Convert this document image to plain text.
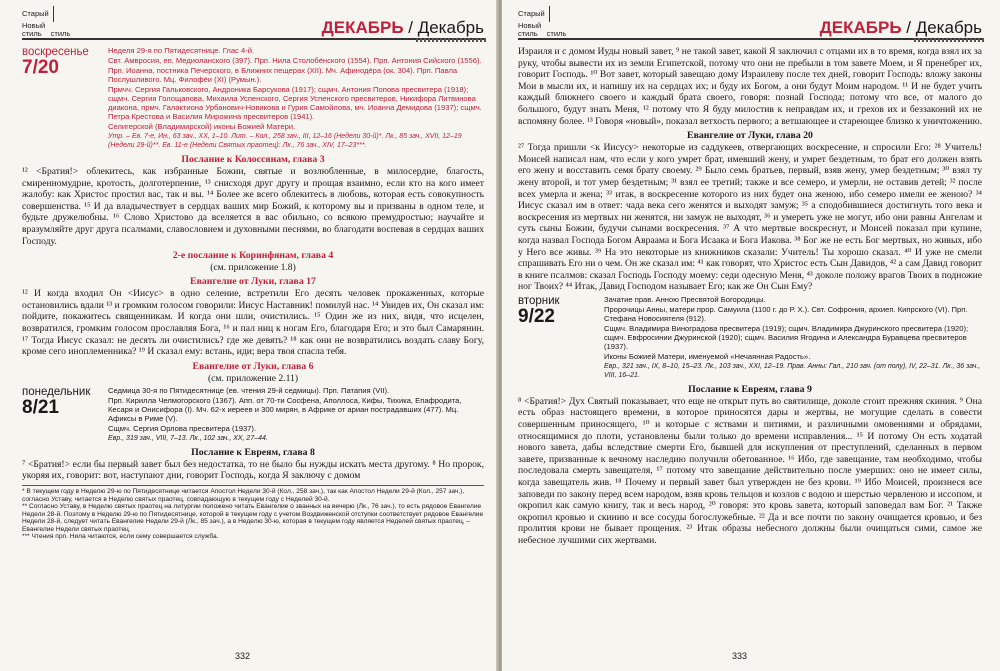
СтарыйНовый
стиль стиль	ДЕКАБРЬ / Декабрь
воскресенье
7/20
Неделя 29-я по Пятидесятнице. Глас 4-й.
Свт. Амвросия, еп. Медиоланского (397). Прп. Нила Столобе́нского (1554). Прп. Антония Сийского (1556).
Прп. Иоанна, постника Печерского, в Ближних пещерах (XII). Мч. Афиноде́ра (ок. 304). Прп. Павла Послушливого. Мц. Филофе́и (XI) (Румын.).
Прмчч. Сергия Гальковского, Андроника Барсукова (1917); сщмч. Антония Попова пресвитера (1918); сщмч. Сергия Голощапова, Михаила Успенского, Сергия Успенского пресвитеров, Никифора Литвинова диакона, прмч. Галактиона Урбанович-Новикова и Гурия Самойлова, мч. Иоанна Демидова (1937); сщмч. Петра Крестова и Василия Мирожина пресвитеров (1941).
Селигерской (Владимирской) иконы Божией Матери.
Утр. – Ев. 7-е, Ин., 63 зач., XX, 1–10. Лит. – Кол., 258 зач., III, 12–16 (Недели 30-й)*. Лк., 85 зач., XVII, 12–19 (Недели 29-й)**. Ев. 11-е (Недели Святых праотец): Лк., 76 зач., XIV, 17–23***.
Послание к Колоссянам, глава 3

¹² <Братия!> облекитесь, как избранные Божии, святые и возлюбленные, в милосердие, благость, смиренномудрие, кротость, долготерпение, ¹³ снисходя друг другу и прощая взаимно, если кто на кого имеет жалобу: как Христос простил вас, так и вы. ¹⁴ Более же всего облекитесь в любовь, которая есть совокупность совершенства. ¹⁵ И да владычествует в сердцах ваших мир Божий, к которому вы и призваны в одном теле, и будьте дружелюбны. ¹⁶ Слово Христово да вселяется в вас обильно, со всякою премудростью; научайте и вразумляйте друг друга псалмами, славословием и духовными песнями, во благодати воспевая в сердцах ваших Господу.

2-е послание к Коринфянам, глава 4
(см. приложение 1.8)
Евангелие от Луки, глава 17

¹² И когда входил Он <Иисус> в одно селение, встретили Его десять человек прокаженных, которые остановились вдали ¹³ и громким голосом говорили: Иисус Наставник! помилуй нас. ¹⁴ Увидев их, Он сказал им: пойдите, покажитесь священникам. И когда они шли, очистились. ¹⁵ Один же из них, видя, что исцелен, возвратился, громким голосом прославляя Бога, ¹⁶ и пал ниц к ногам Его, благодаря Его; и это был Самарянин. ¹⁷ Тогда Иисус сказал: не десять ли очистились? где же девять? ¹⁸ как они не возвратились воздать славу Богу, кроме сего иноплеменника? ¹⁹ И сказал ему: встань, иди; вера твоя спасла тебя.

Евангелие от Луки, глава 6
(см. приложение 2.11)
понедельник
8/21
Седмица 30-я по Пятидесятнице (ев. чтения 29-й седмицы). Прп. Патапия (VII).
Прп. Кирилла Челмогорского (1367). Апп. от 70-ти Сосфена, Аполлоса, Кифы, Тихика, Епафродита, Кесаря и Онисифора (I). Мч. 62-х иереев и 300 мирян, в Африке от ариан пострадавших (477). Мц. Афиксы в Риме (V).
Сщмч. Сергия Орлова пресвитера (1937).
Евр., 319 зач., VIII, 7–13. Лк., 102 зач., XX, 27–44.
Послание к Евреям, глава 8

⁷ <Братия!> если бы первый завет был без недостатка, то не было бы нужды искать места другому. ⁸ Но пророк, укоряя их, говорит: вот, наступают дни, говорит Господь, когда Я заключу с домом

* В текущем году в Неделю 29-ю по Пятидесятнице читается Апостол Недели 30-й (Кол., 258 зач.), так как Апостол Недели 29-й (Кол., 257 зач.), согласно Уставу, читается в Неделю святых праотец, совпадающую в текущем году с Неделей 30-й.
** Согласно Уставу, в Неделю святых праотец на литургии положено читать Евангелие о званных на вечерю (Лк., 76 зач.), то есть рядовое Евангелие Недели 28-й. Поэтому в Неделю 29-ю по Пятидесятнице, которой в текущем году с учетом Воздвиженской отступки соответствует рядовое Евангелие Недели 28-й, следует читать Евангелие Недели 29-й (Лк., 85 зач.), а в Неделю 30-ю, которая в текущем году является Неделей святых праотец, – Евангелие Недели святых праотец.
*** Чтения прп. Нила читаются, если сему совершается служба.
332
СтарыйНовый
стиль стиль	ДЕКАБРЬ / Декабрь

Израиля и с домом Иуды новый завет, ⁹ не такой завет, какой Я заключил с отцами их в то время, когда взял их за руку, чтобы вывести их из земли Египетской, потому что они не пребыли в том завете Моем, и Я пренебрег их, говорит Господь. ¹⁰ Вот завет, который завещаю дому Израилеву после тех дней, говорит Господь: вложу законы Мои в мысли их, и напишу их на сердцах их; и буду их Богом, а они будут Моим народом. ¹¹ И не будет учить каждый ближнего своего и каждый брата своего, говоря: познай Господа; потому что все, от малого до большого, будут знать Меня, ¹² потому что Я буду милостив к неправдам их, и грехов их и беззаконий их не вспомяну более. ¹³ Говоря «новый», показал ветхость первого; а ветшающее и стареющее близко к уничтожению.

Евангелие от Луки, глава 20

²⁷ Тогда пришли <к Иисусу> некоторые из саддукеев, отвергающих воскресение, и спросили Его: ²⁸ Учитель! Моисей написал нам, что если у кого умрет брат, имевший жену, и умрет бездетным, то брат его должен взять его жену и восставить семя брату своему. ²⁹ Было семь братьев, первый, взяв жену, умер бездетным; ³⁰ взял ту жену второй, и тот умер бездетным; ³¹ взял ее третий; также и все семеро, и умерли, не оставив детей; ³² после всех умерла и жена; ³³ итак, в воскресение которого из них будет она женою, ибо семеро имели ее женою? ³⁴ Иисус сказал им в ответ: чада века сего женятся и выходят замуж; ³⁵ а сподобившиеся достигнуть того века и воскресения из мертвых ни женятся, ни замуж не выходят, ³⁶ и умереть уже не могут, ибо они равны Ангелам и суть сыны Божии, будучи сынами воскресения. ³⁷ А что мертвые воскреснут, и Моисей показал при купине, когда назвал Господа Богом Авраама и Бога Исаака и Бога Иакова. ³⁸ Бог же не есть Бог мертвых, но живых, ибо у Него все живы. ³⁹ На это некоторые из книжников сказали: Учитель! Ты хорошо сказал. ⁴⁰ И уже не смели спрашивать Его ни о чем. Он же сказал им: ⁴¹ как говорят, что Христос есть Сын Давидов, ⁴² а сам Давид говорит в книге псалмов: сказал Господь Господу моему: седи одесную Меня, ⁴³ доколе положу врагов Твоих в подножие ног Твоих? ⁴⁴ Итак, Давид Господом называет Его; как же Он Сын Ему?

вторник
9/22
Зачатие прав. Анною Пресвятой Богородицы.
Пророчицы Анны, матери прор. Самуила (1100 г. до Р. Х.). Свт. Софрония, архиеп. Кипрского (VI). Прп. Стефана Новосиятеля (912).
Сщмч. Владимира Виноградова пресвитера (1919); сщмч. Владимира Джуринского пресвитера (1920); сщмч. Евфросинии Джуринской (1920); сщмч. Василия Ягодина и Александра Буравцева пресвитеров (1937).
Иконы Божией Матери, именуемой «Нечаянная Радость».
Евр., 321 зач., IX, 8–10, 15–23. Лк., 103 зач., XXI, 12–19. Прав. Анны: Гал., 210 зач. (от полу), IV, 22–31. Лк., 36 зач., VIII, 16–21.
Послание к Евреям, глава 9

⁸ <Братия!> Дух Святый показывает, что еще не открыт путь во святилище, доколе стоит прежняя скиния. ⁹ Она есть образ настоящего времени, в которое приносятся дары и жертвы, не могущие сделать в совести совершенным приносящего, ¹⁰ и которые с яствами и питиями, и различными омовениями и обрядами, относящимися до плоти, установлены были только до времени исправления... ¹⁵ И потому Он есть ходатай нового завета, дабы вследствие смерти Его, бывшей для искупления от преступлений, сделанных в первом завете, призванные к вечному наследию получили обетованное. ¹⁶ Ибо, где завещание, там необходимо, чтобы последовала смерть завещателя, ¹⁷ потому что завещание действительно после умерших: оно не имеет силы, когда завещатель жив. ¹⁸ Почему и первый завет был утвержден не без крови. ¹⁹ Ибо Моисей, произнеся все заповеди по закону перед всем народом, взяв кровь тельцов и козлов с водою и шерстью червленою и иссопом, и окропил как самую книгу, так и весь народ, ²⁰ говоря: это кровь завета, который заповедал вам Бог. ²¹ Также окропил кровью и скинию и все сосуды богослужебные. ²² Да и все почти по закону очищается кровью, и без пролития крови не бывает прощения. ²³ Итак образы небесного должны были очищаться сими, самое же небесное лучшими сих жертвами.

333
